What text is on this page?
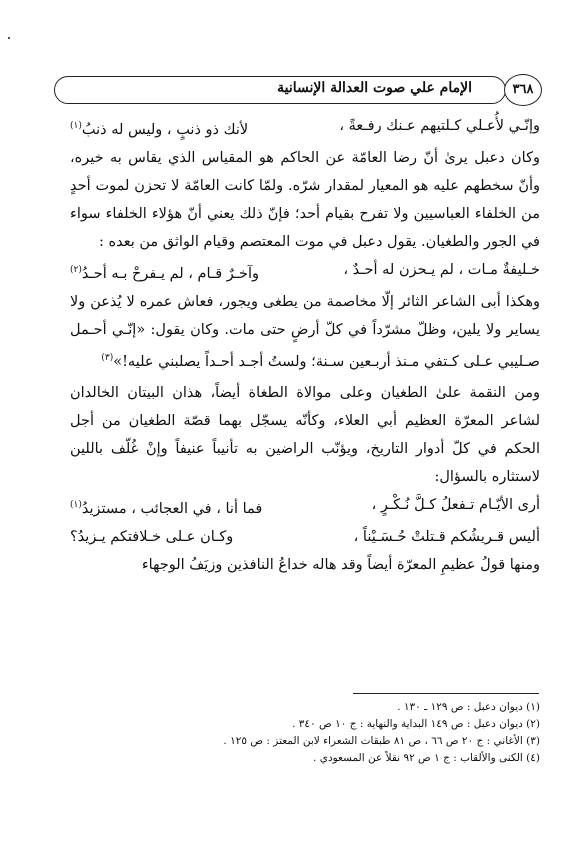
الإمام علي صوت العدالة الإنسانية	٣٦٨
وإنّـي لأُعـلي كـلتيهم عـنك رفـعةً ،
لأنك ذو ذنبٍ ، وليس له ذنبُ$^{(١)}$

وكان دعبل يرىٰ أنّ رضا العامّة عن الحاكم هو المقياس الذي يقاس به خيره، وأنّ سخطهم عليه هو المعيار لمقدار شرّه. ولمّا كانت العامّة لا تحزن لموت أحدٍ من الخلفاء العباسيين ولا تفرح بقيام أحد؛ فإنّ ذلك يعني أنّ هؤلاء الخلفاء سواء في الجور والطغيان. يقول دعبل في موت المعتصم وقيام الواثق من بعده :

خـليفةٌ مـات ، لم يـحزن له أحـدٌ ،
وآخـرٌ قـام ، لم يـفرحْ بـه أحـدُ$^{(٢)}$

وهكذا أبى الشاعر الثائر إلّا مخاصمة من يطغى ويجور، فعاش عمره لا يُذعن ولا يساير ولا يلين، وظلّ مشرّداً في كلّ أرضٍ حتى مات. وكان يقول: «إنّـي أحـمل صـليبي عـلى كـتفي مـنذ أربـعين سـنة؛ ولستُ أجـد أحـداً يصلبني عليه!»$^{(٣)}$

ومن النقمة علىٰ الطغيان وعلى موالاة الطغاة أيضاً، هذان البيتان الخالدان لشاعر المعرّة العظيم أبي العلاء، وكأنّه يسجّل بهما قصّة الطغيان من أجل الحكم في كلّ أدوار التاريخ، ويؤنّب الراضين به تأنيباً عنيفاً وإنْ غُلّف باللين لاستثاره بالسؤال:

أرى الأيّـام تـفعلُ كـلَّ نُـكْـرٍ ،
فما أنا ، في العجائب ، مستزيدُ$^{(١)}$
أليس قـريشُكم قـتلتْ حُـسَـيْناً ،
وكـان عـلى خـلافتكم يـزيدُ؟

ومنها قولُ عظيمِ المعرّة أيضاً وقد هاله خداعُ النافذين وزيَفُ الوجهاء

(١) ديوان دعبل : ص ١٢٩ ـ ١٣٠ .

(٢) ديوان دعبل : ص ١٤٩ البداية والنهاية : ج ١٠ ص ٣٤٠ .

(٣) الأغاني : ج ٢٠ ص ٦٦ ، ص ٨١ طبقات الشعراء لابن المعتز : ص ١٢٥ .

(٤) الكنى والألقاب : ج ١ ص ٩٢ نقلاً عن المسعودي .
